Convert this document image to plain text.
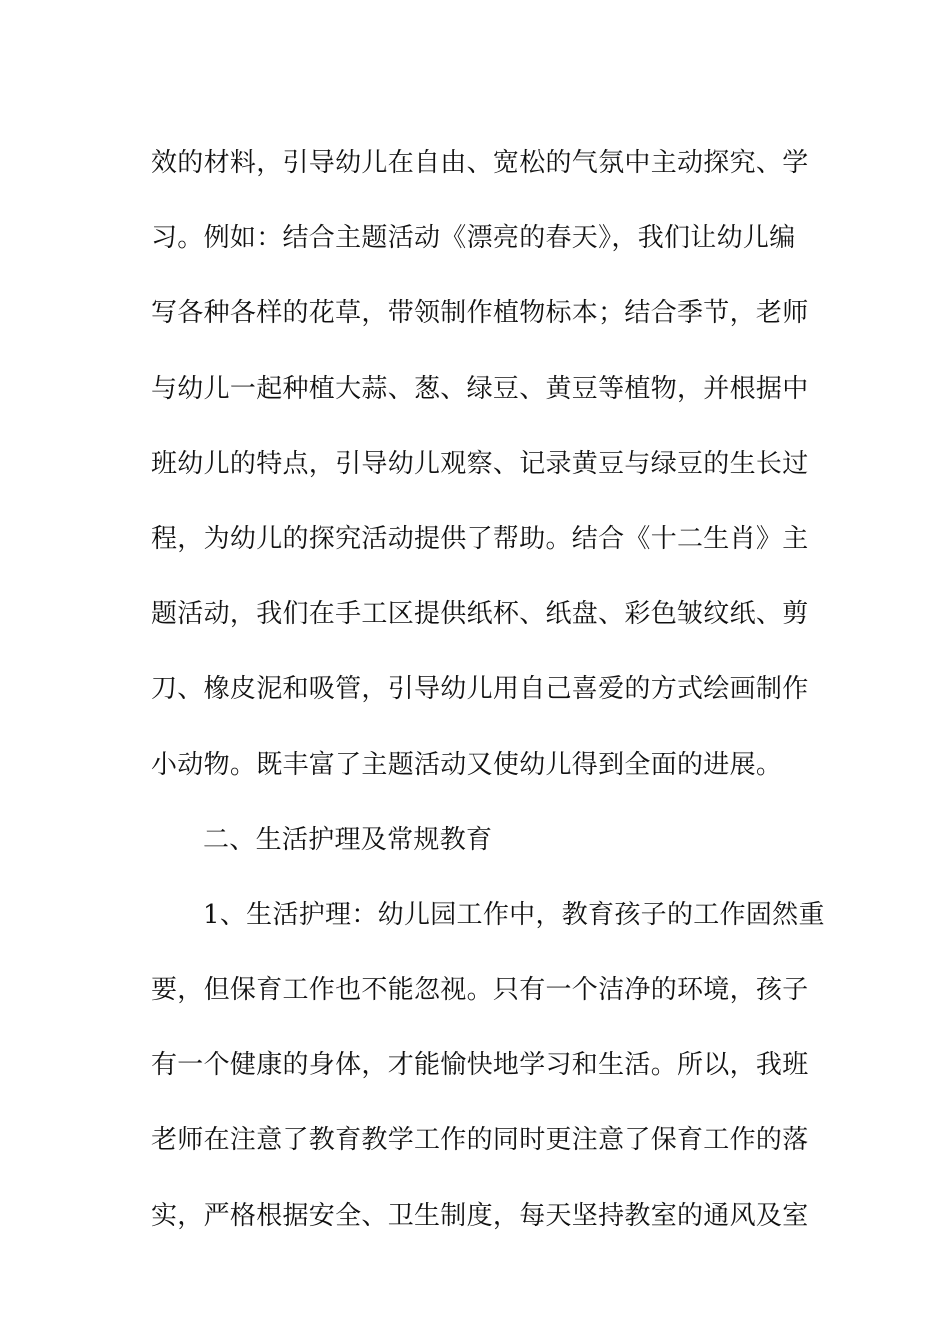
效的材料，引导幼儿在自由、宽松的气氛中主动探究、学
习。例如：结合主题活动《漂亮的春天》，我们让幼儿编
写各种各样的花草，带领制作植物标本；结合季节，老师
与幼儿一起种植大蒜、葱、绿豆、黄豆等植物，并根据中
班幼儿的特点，引导幼儿观察、记录黄豆与绿豆的生长过
程，为幼儿的探究活动提供了帮助。结合《十二生肖》主
题活动，我们在手工区提供纸杯、纸盘、彩色皱纹纸、剪
刀、橡皮泥和吸管，引导幼儿用自己喜爱的方式绘画制作
小动物。既丰富了主题活动又使幼儿得到全面的进展。
二、生活护理及常规教育
1、生活护理：幼儿园工作中，教育孩子的工作固然重
要，但保育工作也不能忽视。只有一个洁净的环境，孩子
有一个健康的身体，才能愉快地学习和生活。所以，我班
老师在注意了教育教学工作的同时更注意了保育工作的落
实，严格根据安全、卫生制度，每天坚持教室的通风及室
